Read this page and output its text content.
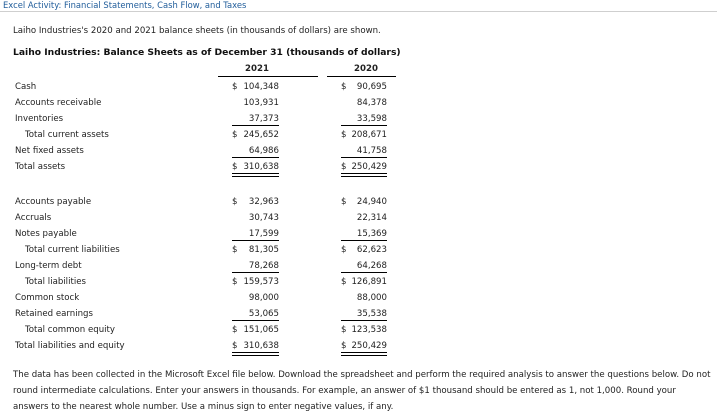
Excel Activity: Financial Statements, Cash Flow, and Taxes
Laiho Industries's 2020 and 2021 balance sheets (in thousands of dollars) are shown.
Laiho Industries: Balance Sheets as of December 31 (thousands of dollars)
2021	2020
Cash	$ 104,348	$ 90,695
Accounts receivable	103,931	84,378
Inventories	37,373	33,598
Total current assets	$ 245,652	$ 208,671
Net fixed assets	64,986	41,758
Total assets	$ 310,638	$ 250,429
Accounts payable	$ 32,963	$ 24,940
Accruals	30,743	22,314
Notes payable	17,599	15,369
Total current liabilities	$ 81,305	$ 62,623
Long-term debt	78,268	64,268
Total liabilities	$ 159,573	$ 126,891
Common stock	98,000	88,000
Retained earnings	53,065	35,538
Total common equity	$ 151,065	$ 123,538
Total liabilities and equity	$ 310,638	$ 250,429
The data has been collected in the Microsoft Excel file below. Download the spreadsheet and perform the required analysis to answer the questions below. Do not round intermediate calculations. Enter your answers in thousands. For example, an answer of $1 thousand should be entered as 1, not 1,000. Round your answers to the nearest whole number. Use a minus sign to enter negative values, if any.
